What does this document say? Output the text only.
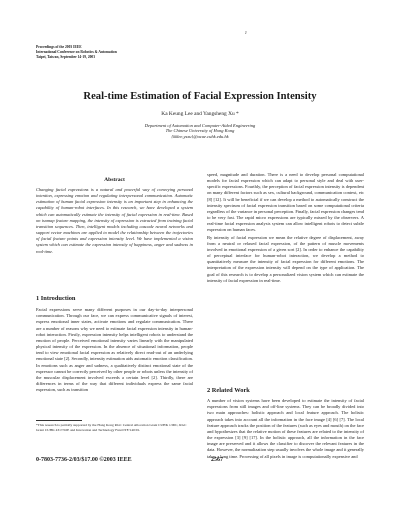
J
Proceedings of the 2003 IEEE
International Conference on Robotics & Automation
Taipei, Taiwan, September 14-19, 2003
Real-time Estimation of Facial Expression Intensity
Ka Keung Lee and Yangsheng Xu *
Department of Automation and Computer-Aided Engineering
The Chinese University of Hong Kong
{kklee,ysxu}@acae.cuhk.edu.hk
Abstract

Changing facial expressions is a natural and powerful way of conveying personal intention, expressing emotion and regulating interpersonal communication. Automatic estimation of human facial expression intensity is an important step in enhancing the capability of human-robot interfaces. In this research, we have developed a system which can automatically estimate the intensity of facial expression in real-time. Based on isomap feature mapping, the intensity of expression is extracted from training facial transition sequences. Then, intelligent models including cascade neural networks and support vector machines are applied to model the relationship between the trajectories of facial feature points and expression intensity level. We have implemented a vision system which can estimate the expression intensity of happiness, anger and sadness in real-time.

1 Introduction

Facial expressions serve many different purposes in our day-to-day interpersonal communication. Through our face, we can express communicative signals of interest, express emotional inner states, activate emotions and regulate communication. There are a number of reasons why we need to estimate facial expression intensity in human-robot interaction. Firstly, expression intensity helps intelligent robots to understand the emotion of people. Perceived emotional intensity varies linearly with the manipulated physical intensity of the expression. In the absence of situational information, people tend to view emotional facial expression as relatively direct read-out of an underlying emotional state [2]. Secondly, intensity estimation aids automatic emotion classification. In emotions such as anger and sadness, a qualitatively distinct emotional state of the expressor cannot be correctly perceived by other people or robots unless the intensity of the muscular displacement involved exceeds a certain level [2]. Thirdly, there are differences in terms of the way that different individuals express the same facial expression, such as transition

*This research is partially supported by the Hong Kong RGC Central Allocation Grant CUHK 1/00C, RGC Grant CUHK 4317/02E and Innovation and Technology Fund ITF/140/01.

speed, magnitude and duration. There is a need to develop personal computational models for facial expression which can adapt to personal style and deal with user-specific expressions. Fourthly, the perception of facial expression intensity is dependent on many different factors such as sex, cultural background, communication context, etc [8] [12]. It will be beneficial if we can develop a method to automatically construct the intensity spectrum of facial expression transition based on some computational criteria regardless of the variance in personal perception. Finally, facial expression changes tend to be very fast. The rapid micro expressions are typically missed by the observers. A real-time facial expression analysis system can allow intelligent robots to detect subtle expression on human faces.

By intensity of facial expression we mean the relative degree of displacement, away from a neutral or relaxed facial expression, of the pattern of muscle movements involved in emotional expression of a given sort [2]. In order to enhance the capability of perceptual interface for human-robot interaction, we develop a method to quantitatively measure the intensity of facial expression for different emotions. The interpretation of the expression intensity will depend on the type of application. The goal of this research is to develop a personalized vision system which can estimate the intensity of facial expression in real-time.

2 Related Work

A number of vision systems have been developed to estimate the intensity of facial expressions from still images and off-line systems. They can be broadly divided into two main approaches: holistic approach and local feature approach. The holistic approach takes into account all the information in the face image [4] [6] [7]. The local feature approach tracks the position of the features (such as eyes and mouth) on the face and hypothesizes that the relative motion of these features are related to the intensity of the expression [3] [9] [17]. In the holistic approach, all the information in the face image are preserved and it allows the classifier to discover the relevant features in the data. However, the normalization step usually involves the whole image and it generally takes a long time. Processing of all pixels in image is computationally expensive and

0-7803-7736-2/03/$17.00 ©2003 IEEE	2567
